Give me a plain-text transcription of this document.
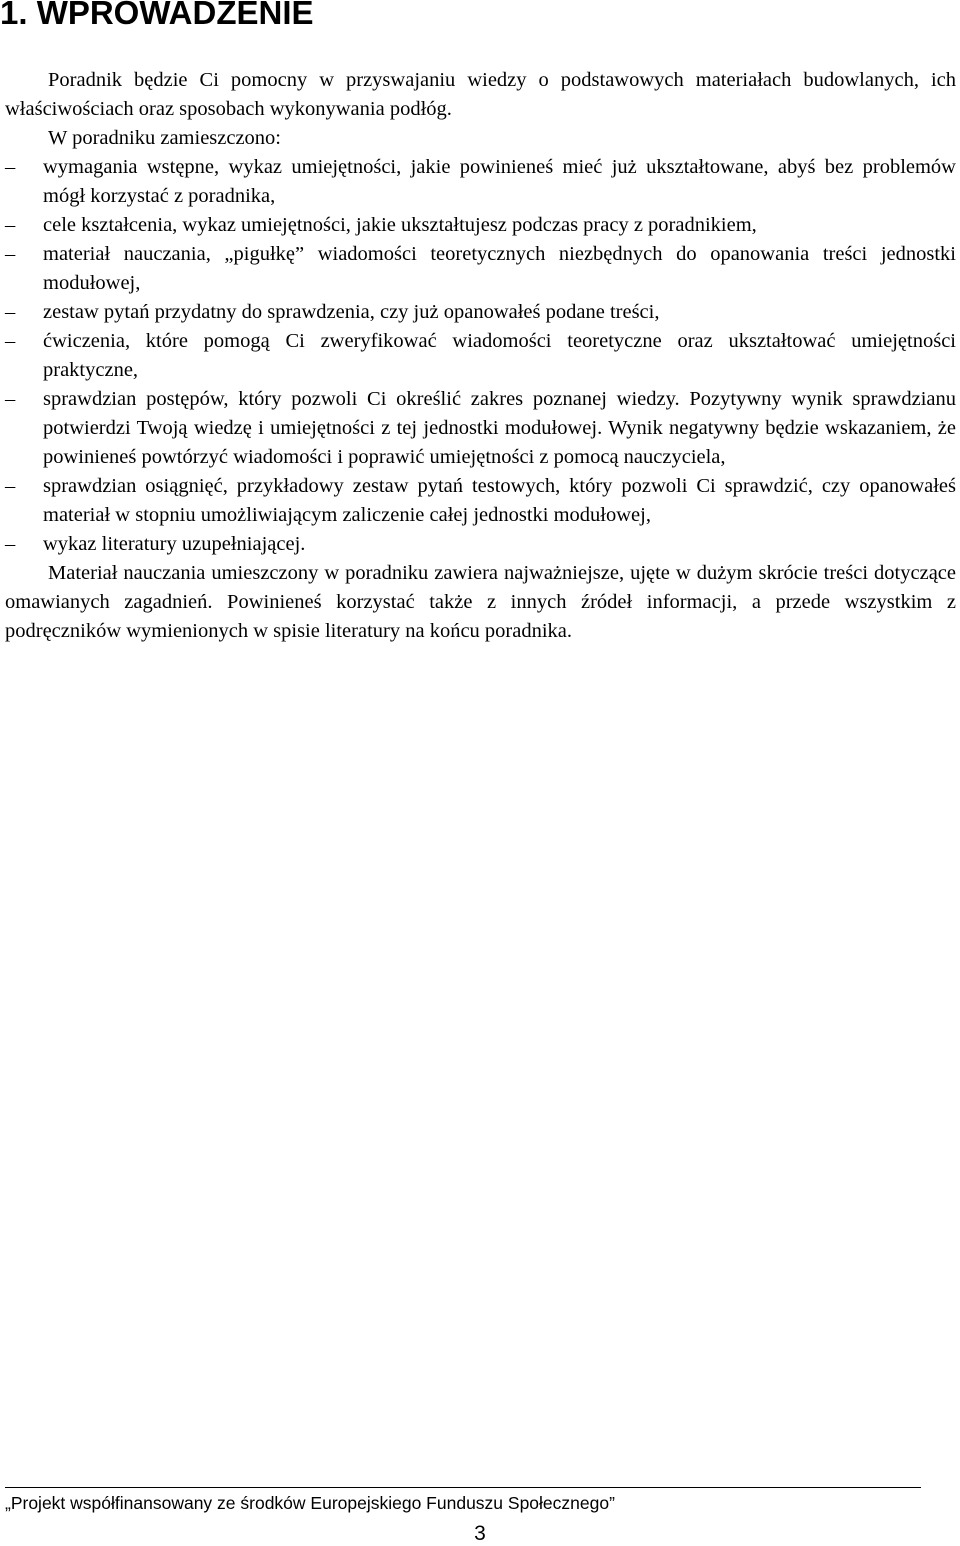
1. WPROWADZENIE

Poradnik będzie Ci pomocny w przyswajaniu wiedzy o podstawowych materiałach budowlanych, ich właściwościach oraz sposobach wykonywania podłóg.

W poradniku zamieszczono:
– wymagania wstępne, wykaz umiejętności, jakie powinieneś mieć już ukształtowane, abyś bez problemów mógł korzystać z poradnika,
– cele kształcenia, wykaz umiejętności, jakie ukształtujesz podczas pracy z poradnikiem,
– materiał nauczania, „pigułkę” wiadomości teoretycznych niezbędnych do opanowania treści jednostki modułowej,
– zestaw pytań przydatny do sprawdzenia, czy już opanowałeś podane treści,
– ćwiczenia, które pomogą Ci zweryfikować wiadomości teoretyczne oraz ukształtować umiejętności praktyczne,
– sprawdzian postępów, który pozwoli Ci określić zakres poznanej wiedzy. Pozytywny wynik sprawdzianu potwierdzi Twoją wiedzę i umiejętności z tej jednostki modułowej. Wynik negatywny będzie wskazaniem, że powinieneś powtórzyć wiadomości i poprawić umiejętności z pomocą nauczyciela,
– sprawdzian osiągnięć, przykładowy zestaw pytań testowych, który pozwoli Ci sprawdzić, czy opanowałeś materiał w stopniu umożliwiającym zaliczenie całej jednostki modułowej,
– wykaz literatury uzupełniającej.

Materiał nauczania umieszczony w poradniku zawiera najważniejsze, ujęte w dużym skrócie treści dotyczące omawianych zagadnień. Powinieneś korzystać także z innych źródeł informacji, a przede wszystkim z podręczników wymienionych w spisie literatury na końcu poradnika.

„Projekt współfinansowany ze środków Europejskiego Funduszu Społecznego”
3
